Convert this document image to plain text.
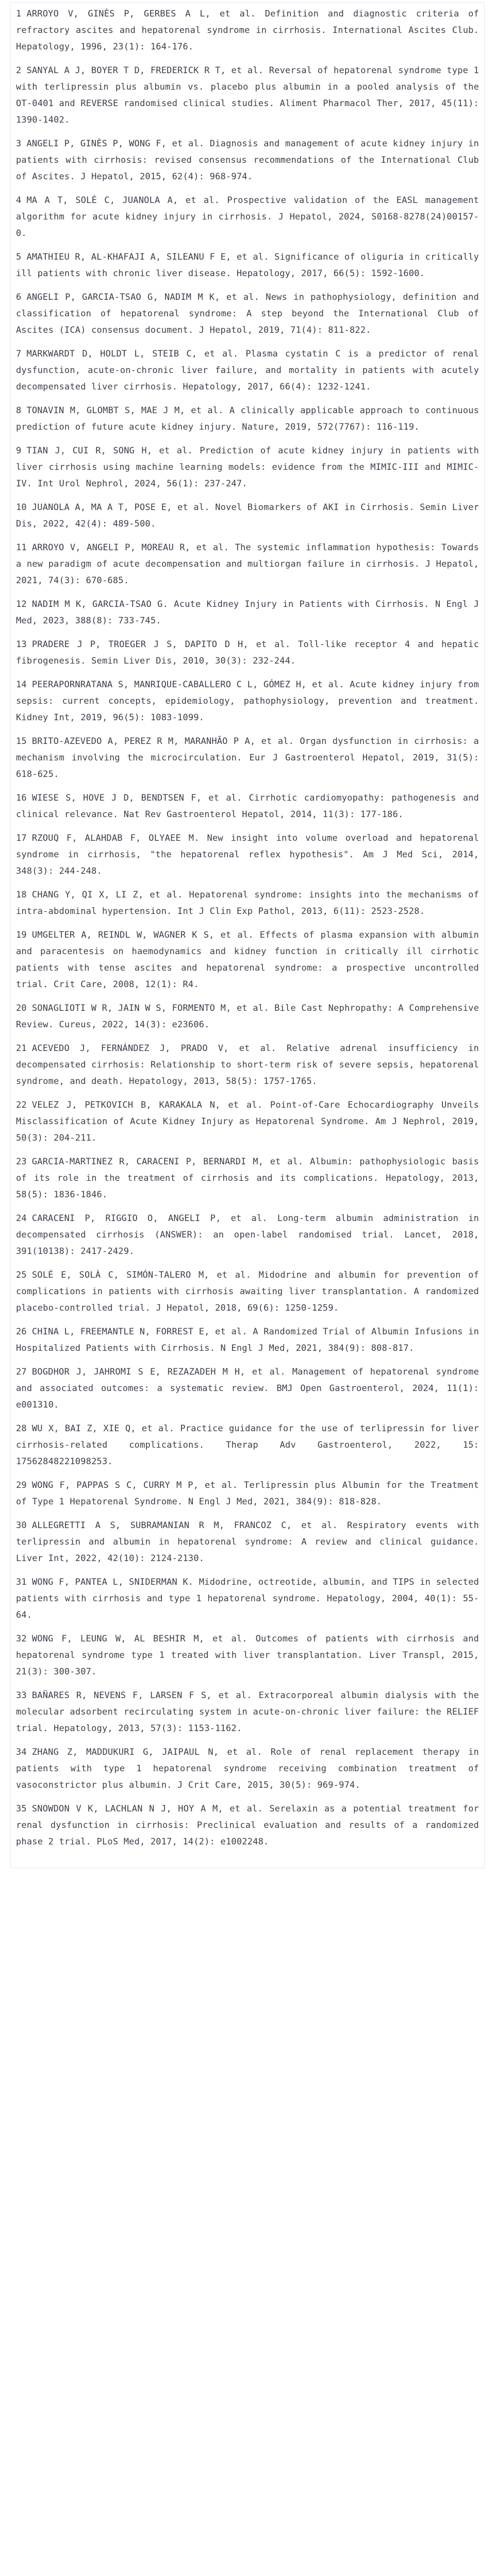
1 ARROYO V, GINÈS P, GERBES A L, et al. Definition and diagnostic criteria of refractory ascites and hepatorenal syndrome in cirrhosis. International Ascites Club. Hepatology, 1996, 23(1): 164-176.
2 SANYAL A J, BOYER T D, FREDERICK R T, et al. Reversal of hepatorenal syndrome type 1 with terlipressin plus albumin vs. placebo plus albumin in a pooled analysis of the OT-0401 and REVERSE randomised clinical studies. Aliment Pharmacol Ther, 2017, 45(11): 1390-1402.
3 ANGELI P, GINÈS P, WONG F, et al. Diagnosis and management of acute kidney injury in patients with cirrhosis: revised consensus recommendations of the International Club of Ascites. J Hepatol, 2015, 62(4): 968-974.
4 MA A T, SOLÉ C, JUANOLA A, et al. Prospective validation of the EASL management algorithm for acute kidney injury in cirrhosis. J Hepatol, 2024, S0168-8278(24)00157-0.
5 AMATHIEU R, AL-KHAFAJI A, SILEANU F E, et al. Significance of oliguria in critically ill patients with chronic liver disease. Hepatology, 2017, 66(5): 1592-1600.
6 ANGELI P, GARCIA-TSAO G, NADIM M K, et al. News in pathophysiology, definition and classification of hepatorenal syndrome: A step beyond the International Club of Ascites (ICA) consensus document. J Hepatol, 2019, 71(4): 811-822.
7 MARKWARDT D, HOLDT L, STEIB C, et al. Plasma cystatin C is a predictor of renal dysfunction, acute-on-chronic liver failure, and mortality in patients with acutely decompensated liver cirrhosis. Hepatology, 2017, 66(4): 1232-1241.
8 TONAVIN M, GLOMBT S, MAE J M, et al. A clinically applicable approach to continuous prediction of future acute kidney injury. Nature, 2019, 572(7767): 116-119.
9 TIAN J, CUI R, SONG H, et al. Prediction of acute kidney injury in patients with liver cirrhosis using machine learning models: evidence from the MIMIC-III and MIMIC-IV. Int Urol Nephrol, 2024, 56(1): 237-247.
10 JUANOLA A, MA A T, POSE E, et al. Novel Biomarkers of AKI in Cirrhosis. Semin Liver Dis, 2022, 42(4): 489-500.
11 ARROYO V, ANGELI P, MOREAU R, et al. The systemic inflammation hypothesis: Towards a new paradigm of acute decompensation and multiorgan failure in cirrhosis. J Hepatol, 2021, 74(3): 670-685.
12 NADIM M K, GARCIA-TSAO G. Acute Kidney Injury in Patients with Cirrhosis. N Engl J Med, 2023, 388(8): 733-745.
13 PRADERE J P, TROEGER J S, DAPITO D H, et al. Toll-like receptor 4 and hepatic fibrogenesis. Semin Liver Dis, 2010, 30(3): 232-244.
14 PEERAPORNRATANA S, MANRIQUE-CABALLERO C L, GÓMEZ H, et al. Acute kidney injury from sepsis: current concepts, epidemiology, pathophysiology, prevention and treatment. Kidney Int, 2019, 96(5): 1083-1099.
15 BRITO-AZEVEDO A, PEREZ R M, MARANHÃO P A, et al. Organ dysfunction in cirrhosis: a mechanism involving the microcirculation. Eur J Gastroenterol Hepatol, 2019, 31(5): 618-625.
16 WIESE S, HOVE J D, BENDTSEN F, et al. Cirrhotic cardiomyopathy: pathogenesis and clinical relevance. Nat Rev Gastroenterol Hepatol, 2014, 11(3): 177-186.
17 RZOUQ F, ALAHDAB F, OLYAEE M. New insight into volume overload and hepatorenal syndrome in cirrhosis, "the hepatorenal reflex hypothesis". Am J Med Sci, 2014, 348(3): 244-248.
18 CHANG Y, QI X, LI Z, et al. Hepatorenal syndrome: insights into the mechanisms of intra-abdominal hypertension. Int J Clin Exp Pathol, 2013, 6(11): 2523-2528.
19 UMGELTER A, REINDL W, WAGNER K S, et al. Effects of plasma expansion with albumin and paracentesis on haemodynamics and kidney function in critically ill cirrhotic patients with tense ascites and hepatorenal syndrome: a prospective uncontrolled trial. Crit Care, 2008, 12(1): R4.
20 SONAGLIOTI W R, JAIN W S, FORMENTO M, et al. Bile Cast Nephropathy: A Comprehensive Review. Cureus, 2022, 14(3): e23606.
21 ACEVEDO J, FERNÁNDEZ J, PRADO V, et al. Relative adrenal insufficiency in decompensated cirrhosis: Relationship to short-term risk of severe sepsis, hepatorenal syndrome, and death. Hepatology, 2013, 58(5): 1757-1765.
22 VELEZ J, PETKOVICH B, KARAKALA N, et al. Point-of-Care Echocardiography Unveils Misclassification of Acute Kidney Injury as Hepatorenal Syndrome. Am J Nephrol, 2019, 50(3): 204-211.
23 GARCIA-MARTINEZ R, CARACENI P, BERNARDI M, et al. Albumin: pathophysiologic basis of its role in the treatment of cirrhosis and its complications. Hepatology, 2013, 58(5): 1836-1846.
24 CARACENI P, RIGGIO O, ANGELI P, et al. Long-term albumin administration in decompensated cirrhosis (ANSWER): an open-label randomised trial. Lancet, 2018, 391(10138): 2417-2429.
25 SOLÉ E, SOLÀ C, SIMÓN-TALERO M, et al. Midodrine and albumin for prevention of complications in patients with cirrhosis awaiting liver transplantation. A randomized placebo-controlled trial. J Hepatol, 2018, 69(6): 1250-1259.
26 CHINA L, FREEMANTLE N, FORREST E, et al. A Randomized Trial of Albumin Infusions in Hospitalized Patients with Cirrhosis. N Engl J Med, 2021, 384(9): 808-817.
27 BOGDHOR J, JAHROMI S E, REZAZADEH M H, et al. Management of hepatorenal syndrome and associated outcomes: a systematic review. BMJ Open Gastroenterol, 2024, 11(1): e001310.
28 WU X, BAI Z, XIE Q, et al. Practice guidance for the use of terlipressin for liver cirrhosis-related complications. Therap Adv Gastroenterol, 2022, 15: 17562848221098253.
29 WONG F, PAPPAS S C, CURRY M P, et al. Terlipressin plus Albumin for the Treatment of Type 1 Hepatorenal Syndrome. N Engl J Med, 2021, 384(9): 818-828.
30 ALLEGRETTI A S, SUBRAMANIAN R M, FRANCOZ C, et al. Respiratory events with terlipressin and albumin in hepatorenal syndrome: A review and clinical guidance. Liver Int, 2022, 42(10): 2124-2130.
31 WONG F, PANTEA L, SNIDERMAN K. Midodrine, octreotide, albumin, and TIPS in selected patients with cirrhosis and type 1 hepatorenal syndrome. Hepatology, 2004, 40(1): 55-64.
32 WONG F, LEUNG W, AL BESHIR M, et al. Outcomes of patients with cirrhosis and hepatorenal syndrome type 1 treated with liver transplantation. Liver Transpl, 2015, 21(3): 300-307.
33 BAÑARES R, NEVENS F, LARSEN F S, et al. Extracorporeal albumin dialysis with the molecular adsorbent recirculating system in acute-on-chronic liver failure: the RELIEF trial. Hepatology, 2013, 57(3): 1153-1162.
34 ZHANG Z, MADDUKURI G, JAIPAUL N, et al. Role of renal replacement therapy in patients with type 1 hepatorenal syndrome receiving combination treatment of vasoconstrictor plus albumin. J Crit Care, 2015, 30(5): 969-974.
35 SNOWDON V K, LACHLAN N J, HOY A M, et al. Serelaxin as a potential treatment for renal dysfunction in cirrhosis: Preclinical evaluation and results of a randomized phase 2 trial. PLoS Med, 2017, 14(2): e1002248.
